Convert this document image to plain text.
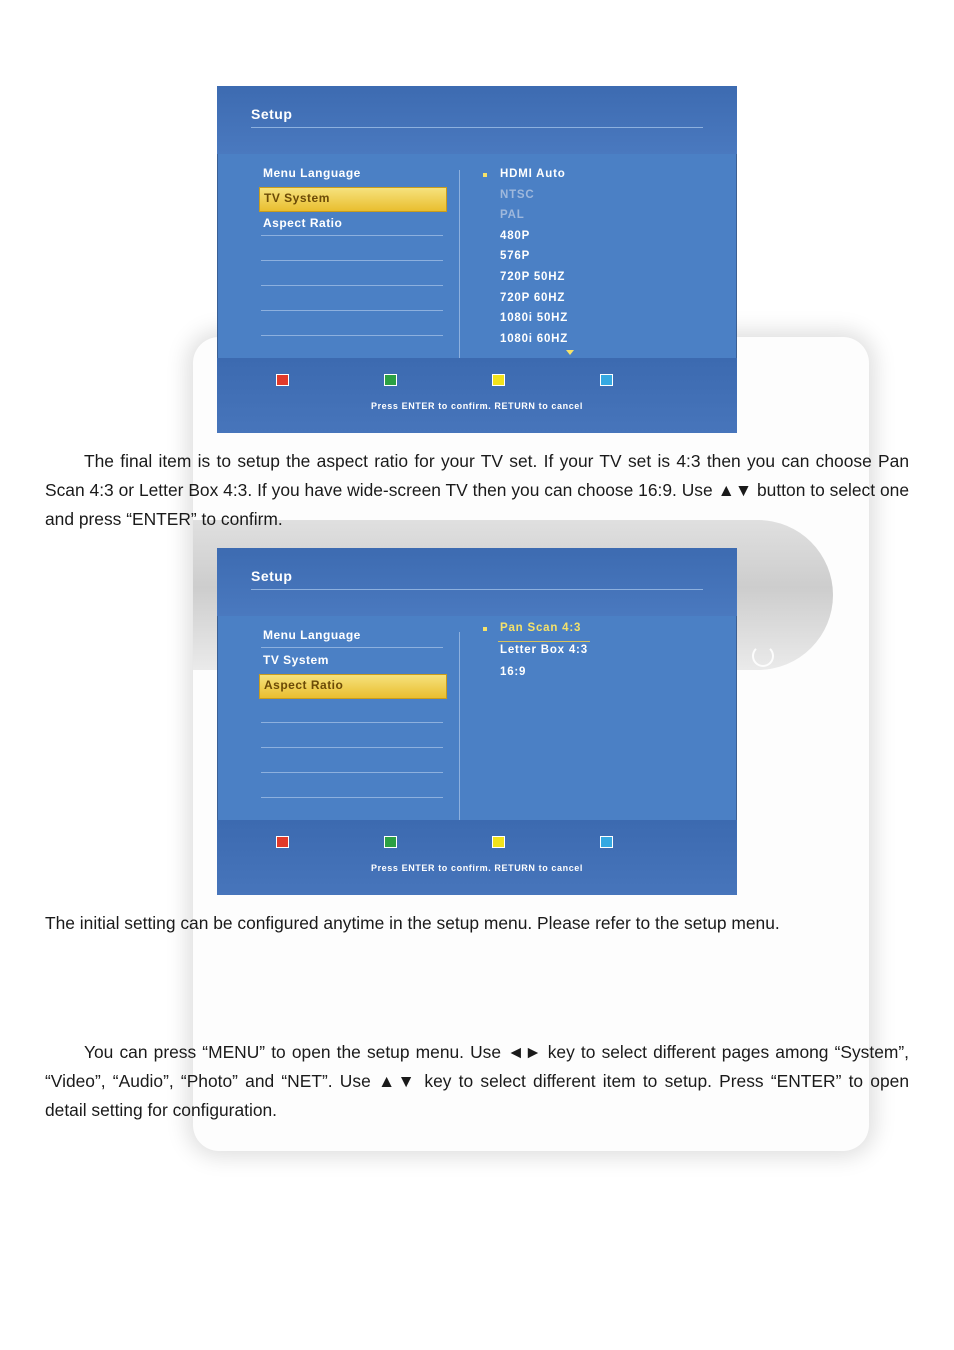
Setup
Menu Language
TV System
Aspect Ratio
HDMI Auto
NTSC
PAL
480P
576P
720P 50HZ
720P 60HZ
1080i 50HZ
1080i 60HZ
Press ENTER to confirm. RETURN to cancel

The final item is to setup the aspect ratio for your TV set. If your TV set is 4:3 then you can choose Pan Scan 4:3 or Letter Box 4:3. If you have wide-screen TV then you can choose 16:9. Use ▲▼ button to select one and press “ENTER” to confirm.

Setup
Menu Language
TV System
Aspect Ratio
Pan Scan 4:3
Letter Box 4:3
16:9
Press ENTER to confirm. RETURN to cancel

The initial setting can be configured anytime in the setup menu. Please refer to the setup menu.

You can press “MENU” to open the setup menu. Use ◄► key to select different pages among “System”, “Video”, “Audio”, “Photo” and “NET”. Use ▲▼ key to select different item to setup. Press “ENTER” to open detail setting for configuration.
